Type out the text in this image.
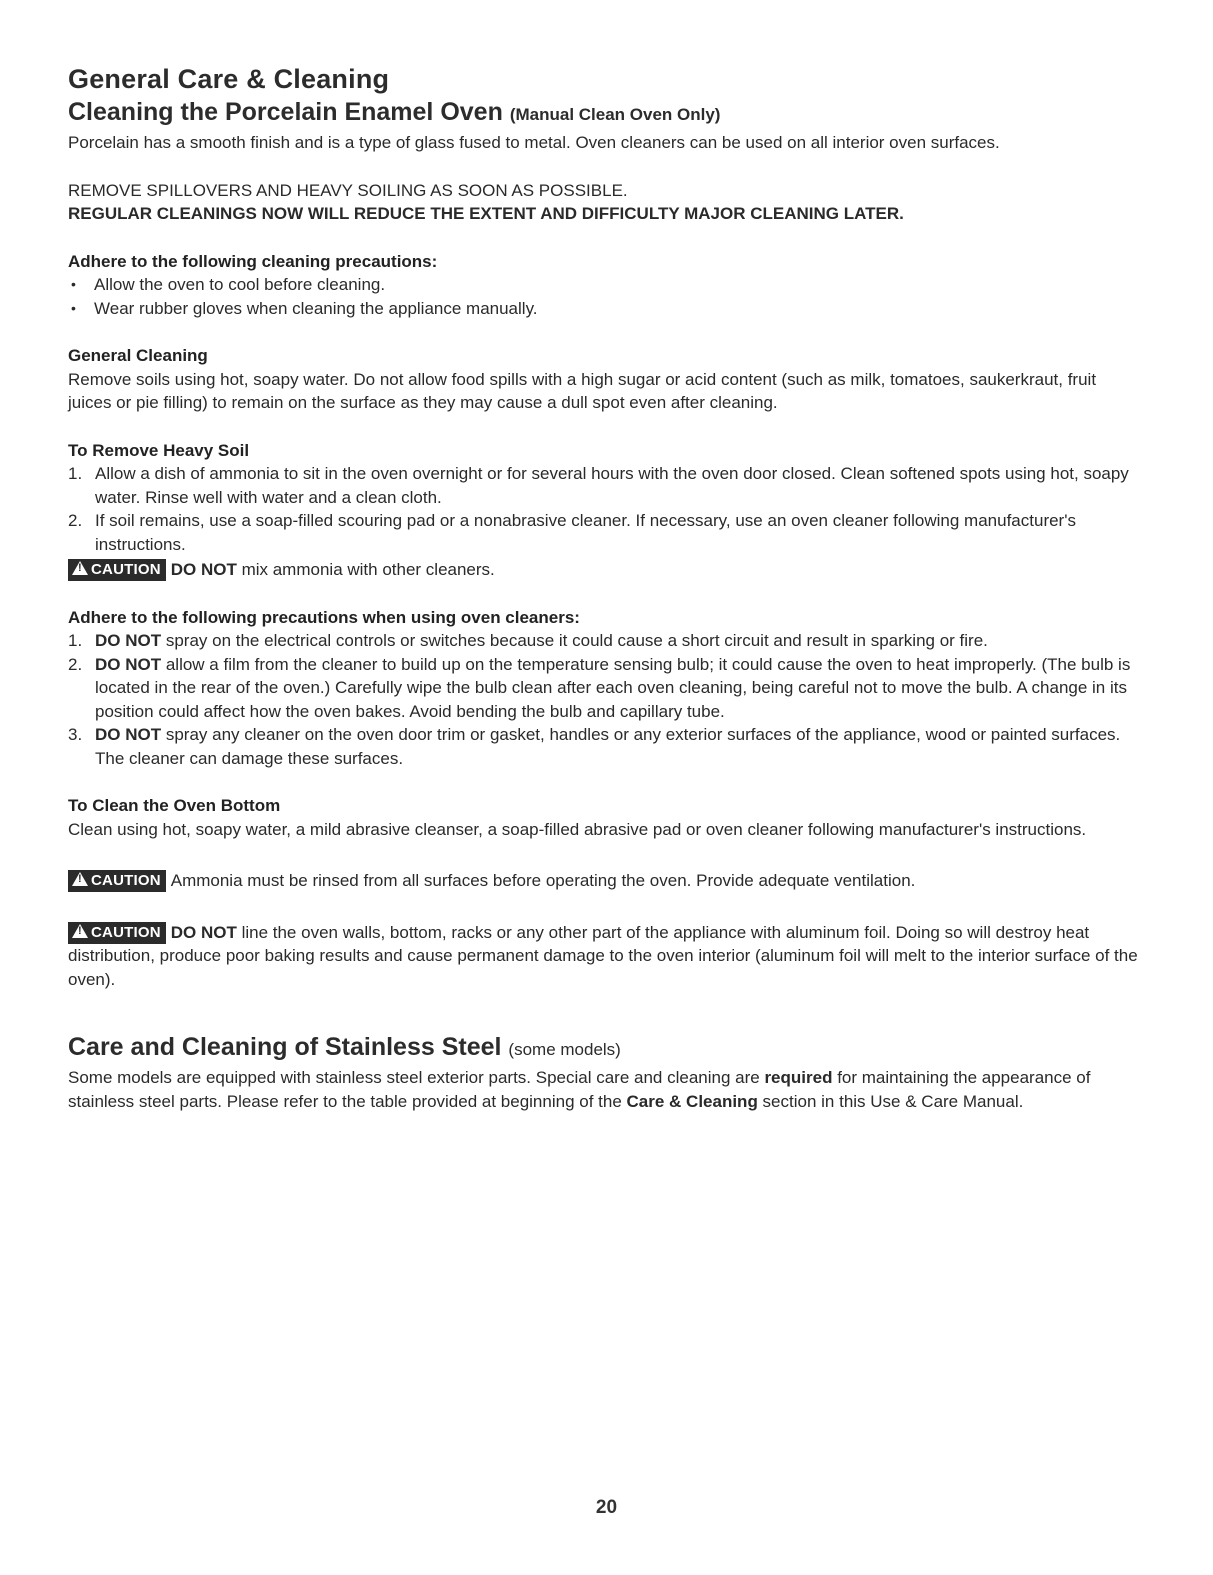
General Care & Cleaning
Cleaning the Porcelain Enamel Oven (Manual Clean Oven Only)

Porcelain has a smooth finish and is a type of glass fused to metal. Oven cleaners can be used on all interior oven surfaces.

REMOVE SPILLOVERS AND HEAVY SOILING AS SOON AS POSSIBLE.

REGULAR CLEANINGS NOW WILL REDUCE THE EXTENT AND DIFFICULTY MAJOR CLEANING LATER.

Adhere to the following cleaning precautions:

• Allow the oven to cool before cleaning.
• Wear rubber gloves when cleaning the appliance manually.

General Cleaning

Remove soils using hot, soapy water. Do not allow food spills with a high sugar or acid content (such as milk, tomatoes, saukerkraut, fruit juices or pie filling) to remain on the surface as they may cause a dull spot even after cleaning.

To Remove Heavy Soil

1. Allow a dish of ammonia to sit in the oven overnight or for several hours with the oven door closed. Clean softened spots using hot, soapy water. Rinse well with water and a clean cloth.
2. If soil remains, use a soap-filled scouring pad or a nonabrasive cleaner. If necessary, use an oven cleaner following manufacturer's instructions.

!CAUTION DO NOT mix ammonia with other cleaners.

Adhere to the following precautions when using oven cleaners:

1. DO NOT spray on the electrical controls or switches because it could cause a short circuit and result in sparking or fire.
2. DO NOT allow a film from the cleaner to build up on the temperature sensing bulb; it could cause the oven to heat improperly. (The bulb is located in the rear of the oven.) Carefully wipe the bulb clean after each oven cleaning, being careful not to move the bulb. A change in its position could affect how the oven bakes. Avoid bending the bulb and capillary tube.
3. DO NOT spray any cleaner on the oven door trim or gasket, handles or any exterior surfaces of the appliance, wood or painted surfaces. The cleaner can damage these surfaces.

To Clean the Oven Bottom

Clean using hot, soapy water, a mild abrasive cleanser, a soap-filled abrasive pad or oven cleaner following manufacturer's instructions.

!CAUTION Ammonia must be rinsed from all surfaces before operating the oven. Provide adequate ventilation.

!CAUTION DO NOT line the oven walls, bottom, racks or any other part of the appliance with aluminum foil. Doing so will destroy heat distribution, produce poor baking results and cause permanent damage to the oven interior (aluminum foil will melt to the interior surface of the oven).

Care and Cleaning of Stainless Steel (some models)

Some models are equipped with stainless steel exterior parts. Special care and cleaning are required for maintaining the appearance of stainless steel parts. Please refer to the table provided at beginning of the Care & Cleaning section in this Use & Care Manual.

20
